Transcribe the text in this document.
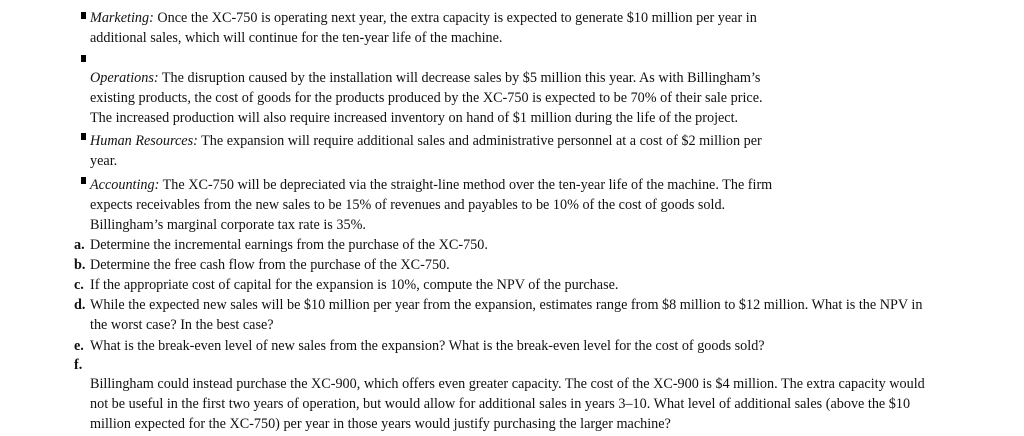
Marketing: Once the XC-750 is operating next year, the extra capacity is expected to generate $10 million per year in
additional sales, which will continue for the ten-year life of the machine.
Operations: The disruption caused by the installation will decrease sales by $5 million this year. As with Billingham’s
existing products, the cost of goods for the products produced by the XC-750 is expected to be 70% of their sale price.
The increased production will also require increased inventory on hand of $1 million during the life of the project.
Human Resources: The expansion will require additional sales and administrative personnel at a cost of $2 million per
year.
Accounting: The XC-750 will be depreciated via the straight-line method over the ten-year life of the machine. The firm
expects receivables from the new sales to be 15% of revenues and payables to be 10% of the cost of goods sold.
Billingham’s marginal corporate tax rate is 35%.
a. Determine the incremental earnings from the purchase of the XC-750.
b. Determine the free cash flow from the purchase of the XC-750.
c. If the appropriate cost of capital for the expansion is 10%, compute the NPV of the purchase.
d. While the expected new sales will be $10 million per year from the expansion, estimates range from $8 million to $12 million. What is the NPV in
the worst case? In the best case?
e. What is the break-even level of new sales from the expansion? What is the break-even level for the cost of goods sold?
f.
Billingham could instead purchase the XC-900, which offers even greater capacity. The cost of the XC-900 is $4 million. The extra capacity would
not be useful in the first two years of operation, but would allow for additional sales in years 3–10. What level of additional sales (above the $10
million expected for the XC-750) per year in those years would justify purchasing the larger machine?
